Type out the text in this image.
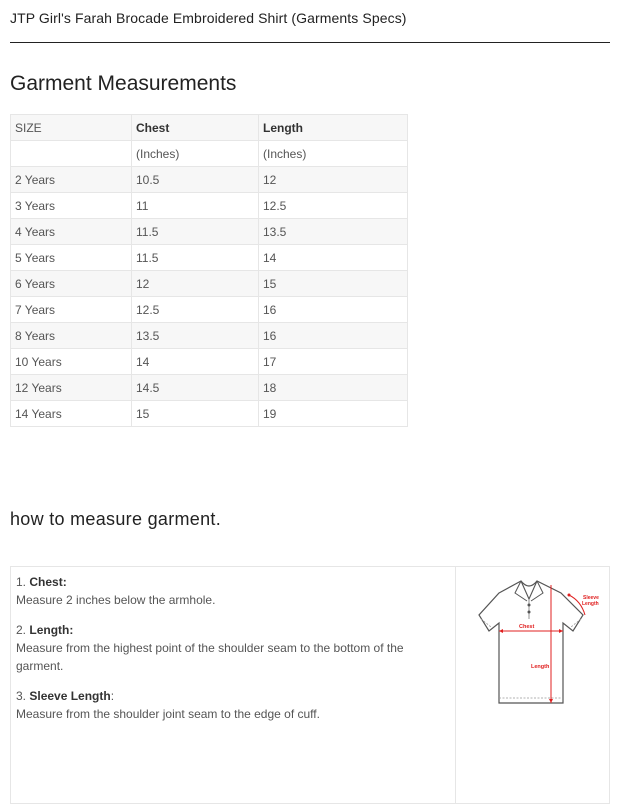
JTP Girl's Farah Brocade Embroidered Shirt (Garments Specs)
Garment Measurements
SIZE	Chest	Length
	(Inches)	(Inches)
2 Years	10.5	12
3 Years	11	12.5
4 Years	11.5	13.5
5 Years	11.5	14
6 Years	12	15
7 Years	12.5	16
8 Years	13.5	16
10 Years	14	17
12 Years	14.5	18
14 Years	15	19
how to measure garment.
1. Chest:
Measure 2 inches below the armhole.
2. Length:
Measure from the highest point of the shoulder seam to the bottom of the garment.
3. Sleeve Length:
Measure from the shoulder joint seam to the edge of cuff.
Chest
Length
Sleeve
Length
